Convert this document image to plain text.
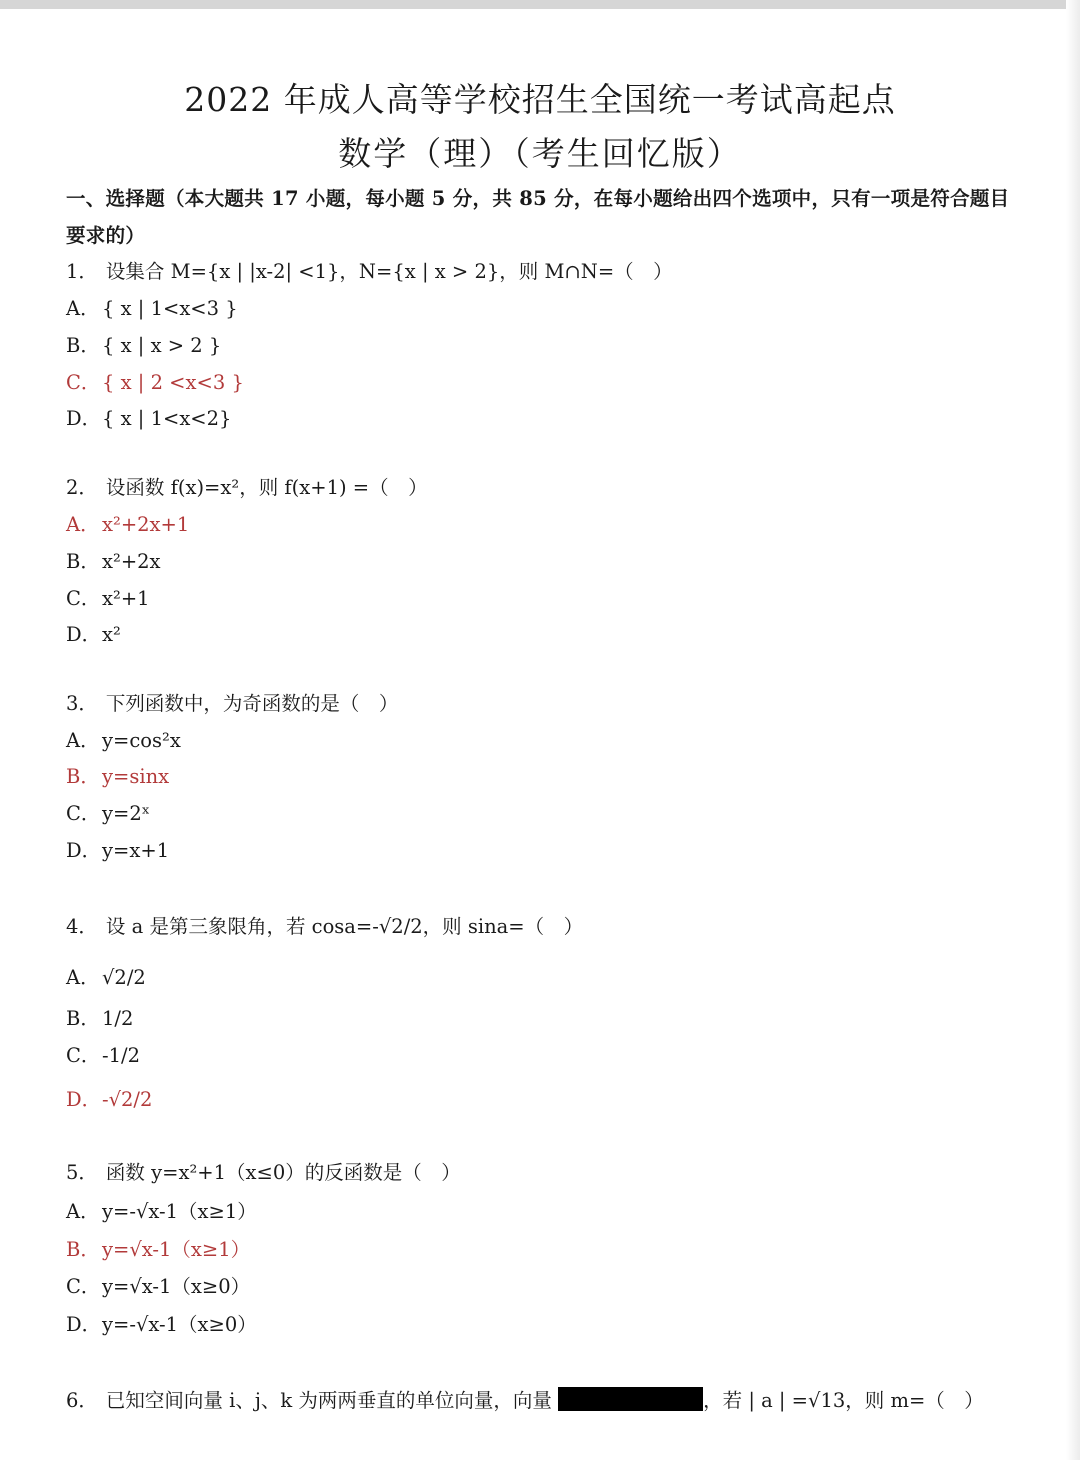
2022 年成人高等学校招生全国统一考试高起点
数学（理）（考生回忆版）
一、选择题（本大题共 17 小题，每小题 5 分，共 85 分，在每小题给出四个选项中，只有一项是符合题目要求的）
1． 设集合 M={x | |x-2| <1}，N={x | x > 2}，则 M∩N=（　）
A． { x | 1<x<3 }
B． { x | x > 2 }
C．{ x | 2 <x<3 }
D．{ x | 1<x<2}
2． 设函数 f(x)=x²，则 f(x+1) =（　）
A． x²+2x+1
B． x²+2x
C．x²+1
D．x²
3． 下列函数中，为奇函数的是（　）
A． y=cos²x
B． y=sinx
C．y=2ˣ
D．y=x+1
4． 设 a 是第三象限角，若 cosa=-√2/2，则 sina=（　）
A． √2/2
B． 1/2
C．-1/2
D．-√2/2
5． 函数 y=x²+1（x≤0）的反函数是（　）
A． y=-√x-1（x≥1）
B． y=√x-1（x≥1）
C．y=√x-1（x≥0）
D．y=-√x-1（x≥0）
6． 已知空间向量 i、j、k 为两两垂直的单位向量，向量	，若 | a | =√13，则 m=（　）
